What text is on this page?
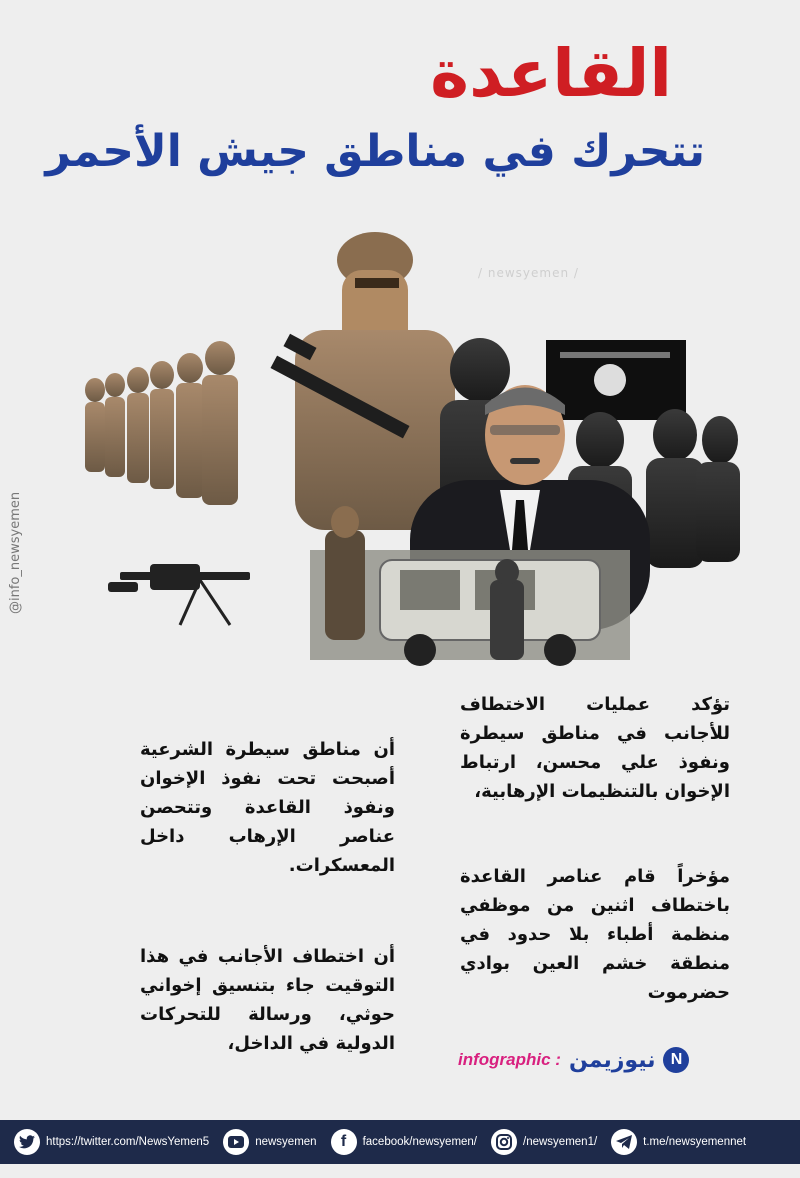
القاعدة
تتحرك في مناطق جيش الأحمر
/ newsyemen /
@info_newsyemen
تؤكد عمليات الاختطاف للأجانب في مناطق سيطرة ونفوذ علي محسن، ارتباط الإخوان بالتنظيمات الإرهابية،
أن مناطق سيطرة الشرعية أصبحت تحت نفوذ الإخوان ونفوذ القاعدة وتتحصن عناصر الإرهاب داخل المعسكرات.
مؤخراً قام عناصر القاعدة باختطاف اثنين من موظفي منظمة أطباء بلا حدود في منطقة خشم العين بوادي حضرموت
أن اختطاف الأجانب في هذا التوقيت جاء بتنسيق إخواني حوثي، ورسالة للتحركات الدولية في الداخل،
infographic : نيوزيمن N
https://twitter.com/NewsYemen5	newsyemen f facebook/newsyemen/	/newsyemen1/	t.me/newsyemennet
